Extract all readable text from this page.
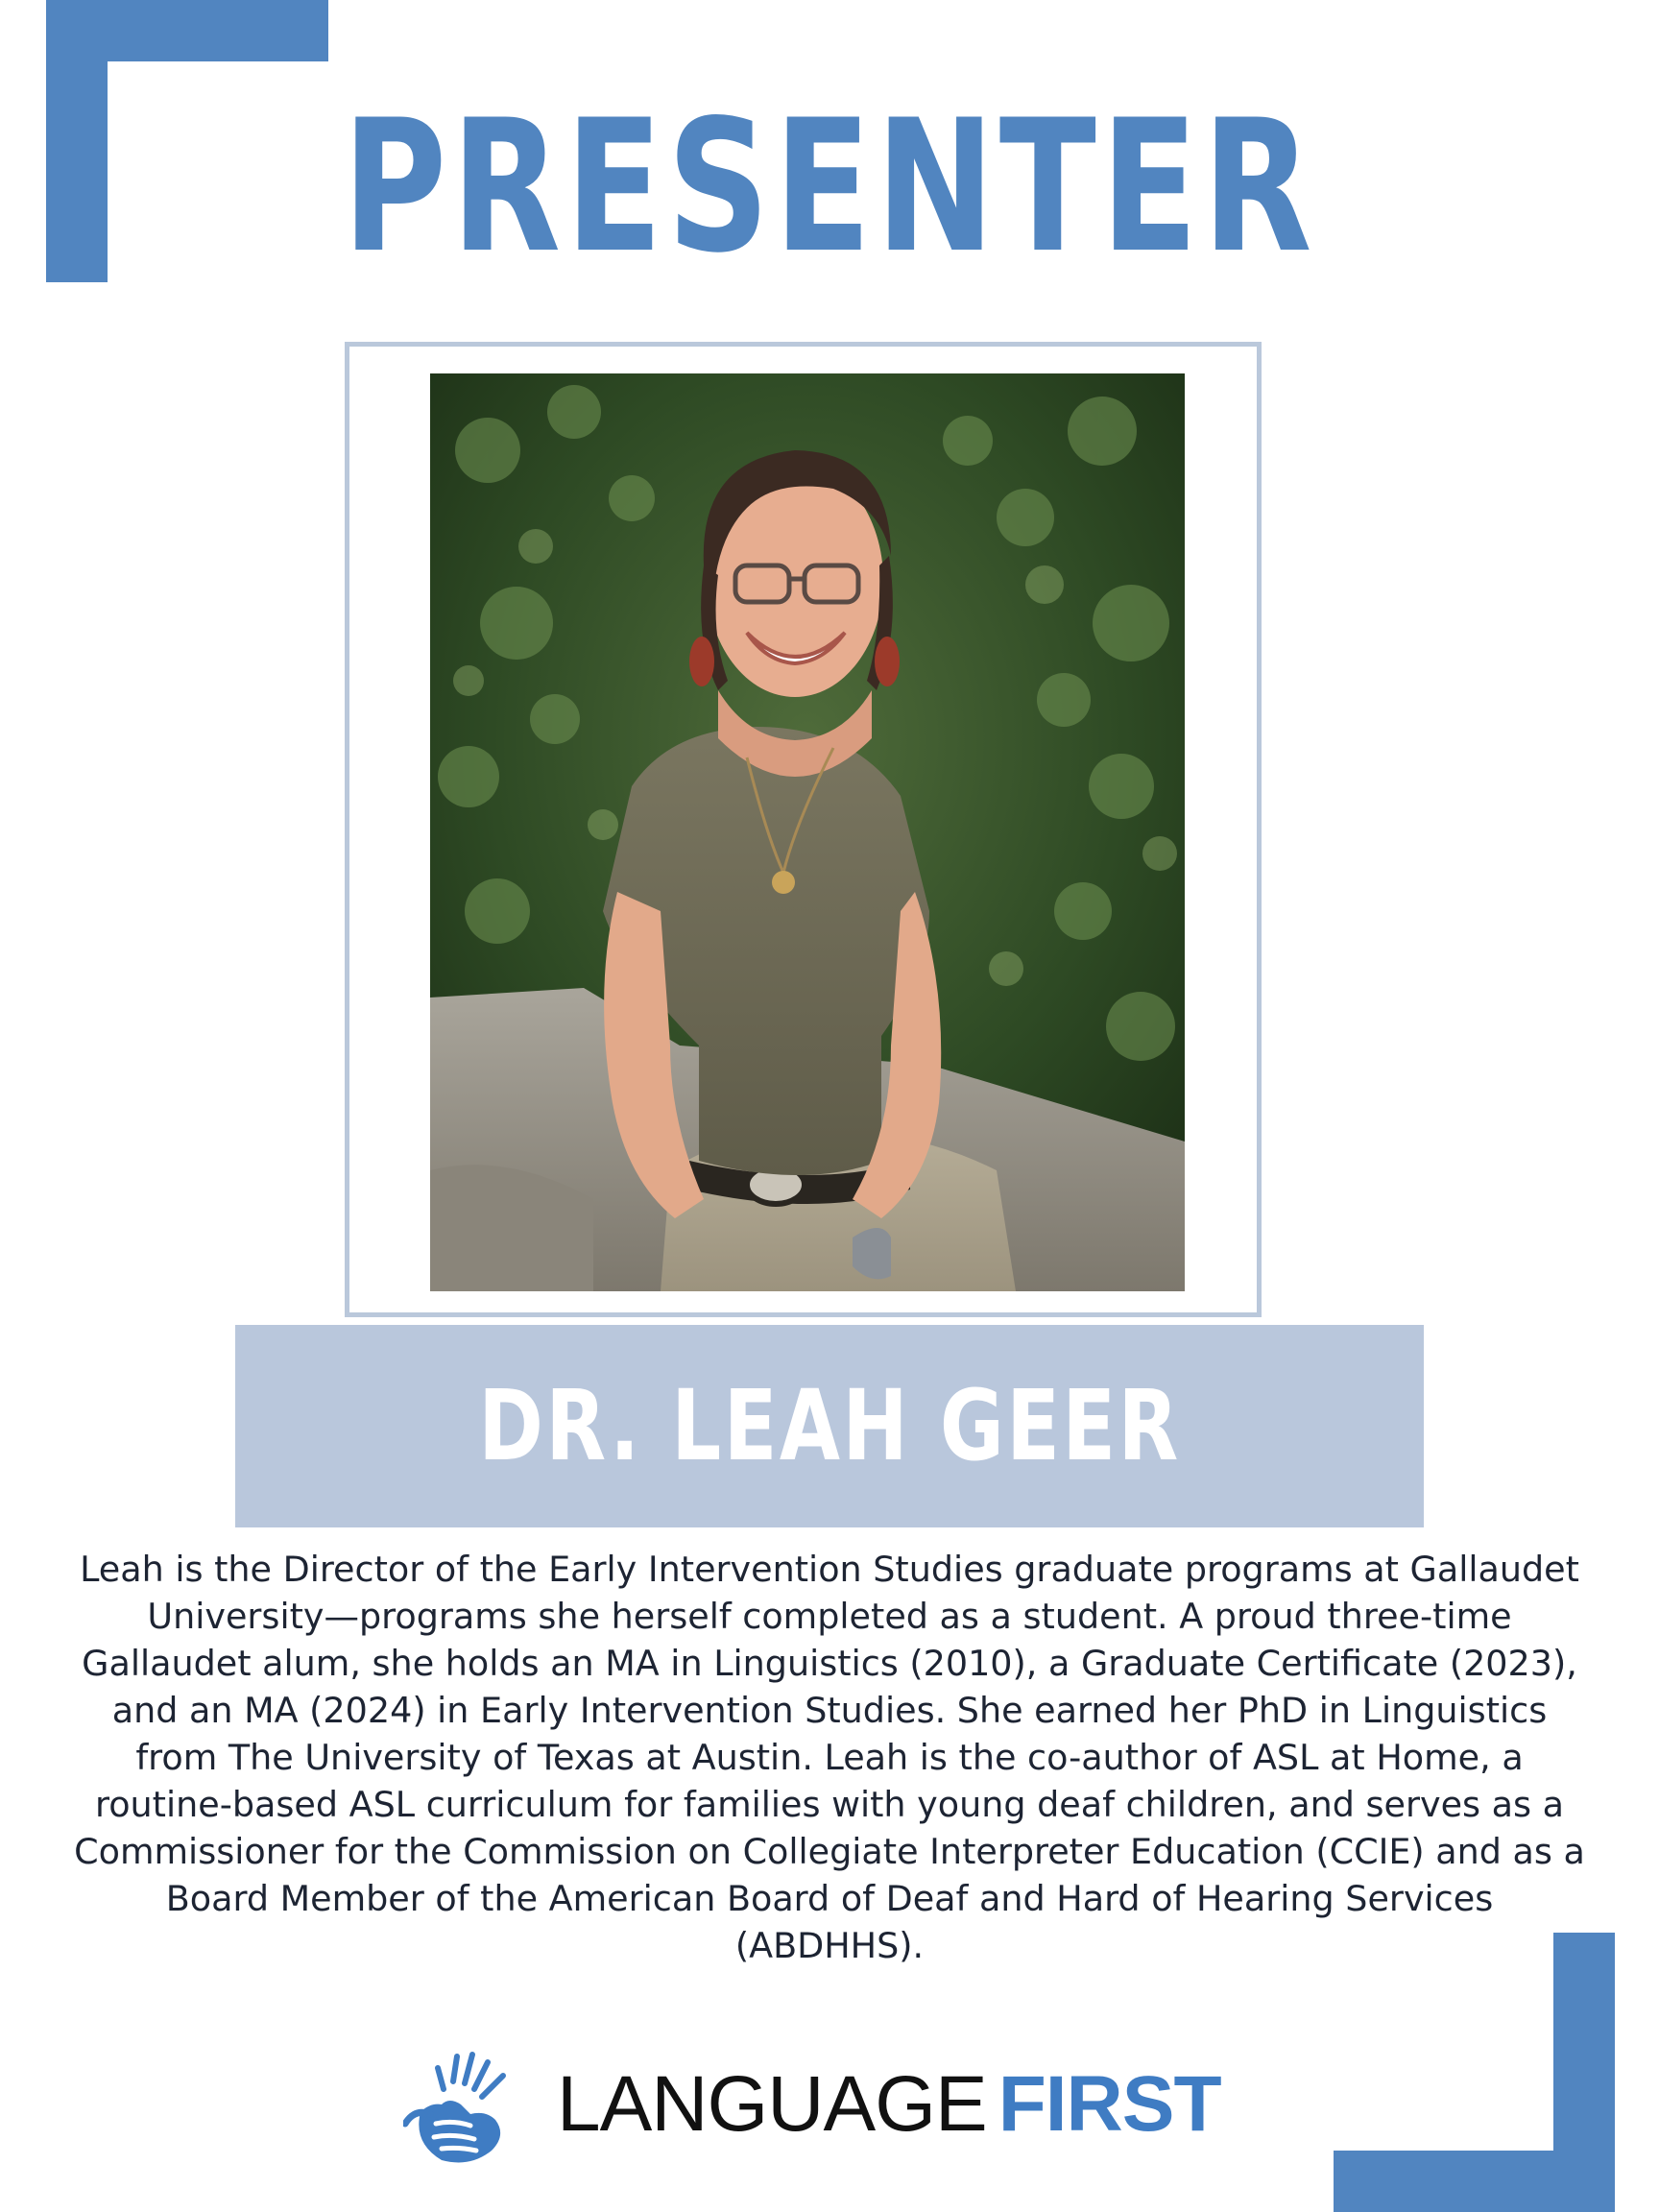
PRESENTER
DR. LEAH GEER

Leah is the Director of the Early Intervention Studies graduate programs at Gallaudet University—programs she herself completed as a student. A proud three-time Gallaudet alum, she holds an MA in Linguistics (2010), a Graduate Certificate (2023), and an MA (2024) in Early Intervention Studies. She earned her PhD in Linguistics from The University of Texas at Austin. Leah is the co-author of ASL at Home, a routine-based ASL curriculum for families with young deaf children, and serves as a Commissioner for the Commission on Collegiate Interpreter Education (CCIE) and as a Board Member of the American Board of Deaf and Hard of Hearing Services (ABDHHS).

LANGUAGE FIRST
